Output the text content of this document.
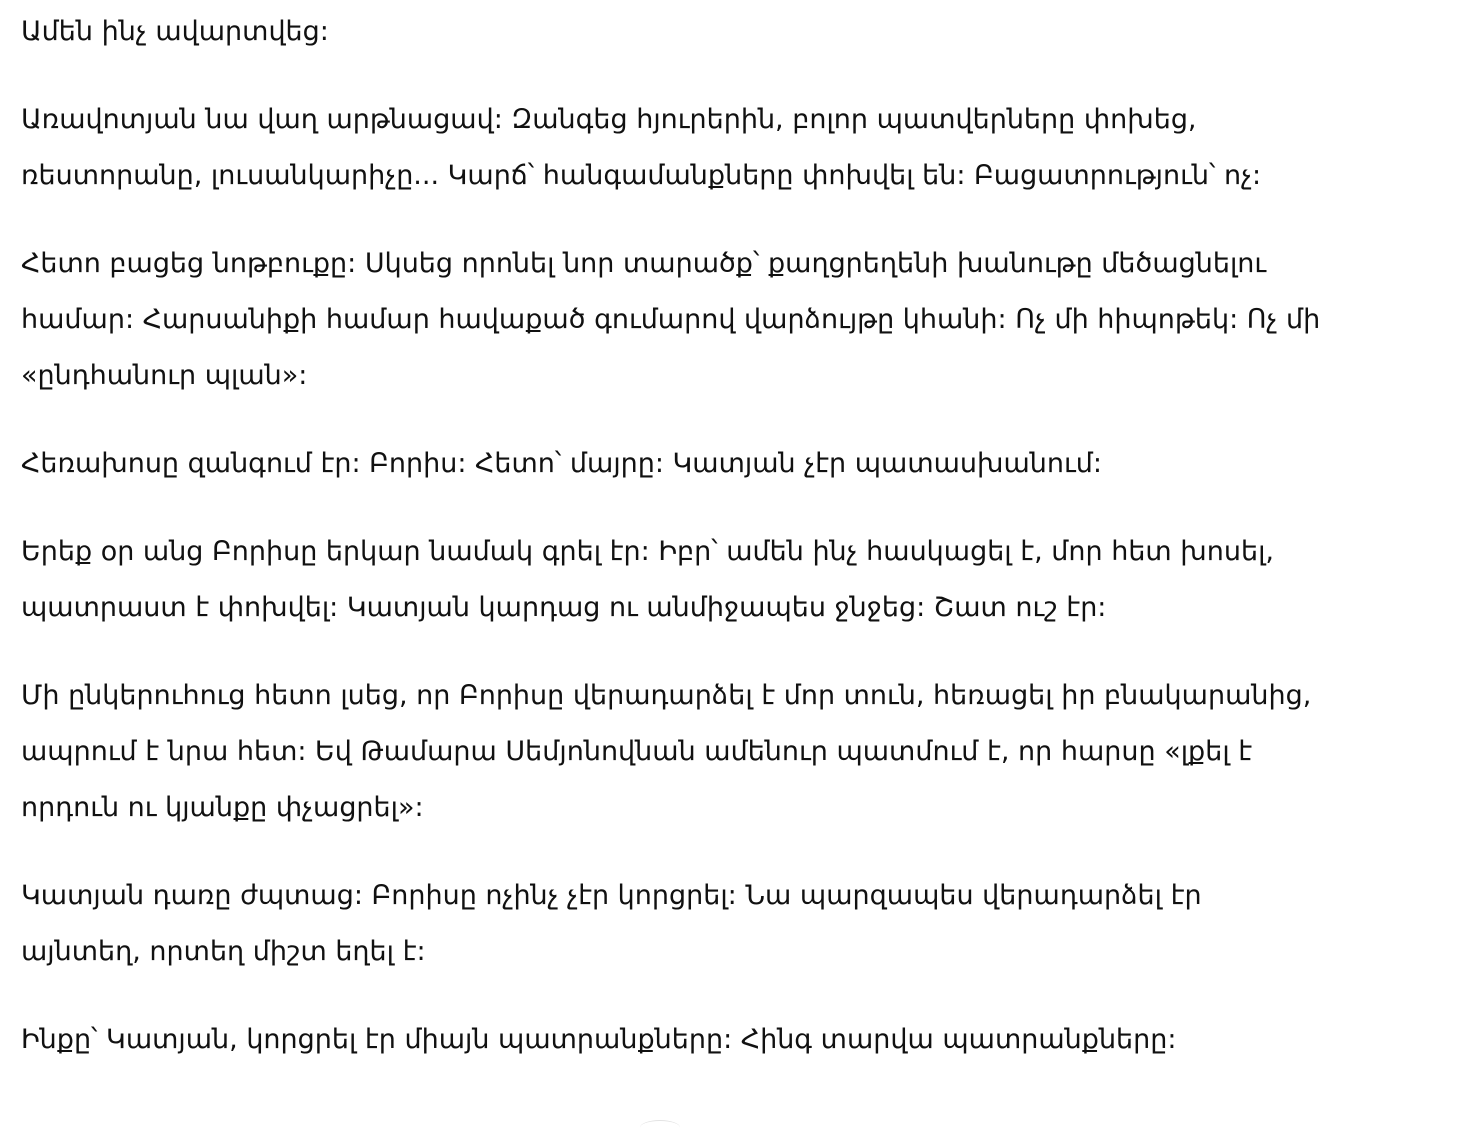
Ամեն ինչ ավարտվեց:

Առավոտյան նա վաղ արթնացավ: Զանգեց հյուրերին, բոլոր պատվերները փոխեց, ռեստորանը, լուսանկարիչը... Կարճ՝ հանգամանքները փոխվել են: Բացատրություն՝ ոչ:

Հետո բացեց նոթբուքը: Սկսեց որոնել նոր տարածք՝ քաղցրեղենի խանութը մեծացնելու համար: Հարսանիքի համար հավաքած գումարով վարձույթը կհանի: Ոչ մի հիպոթեկ: Ոչ մի «ընդհանուր պլան»:

Հեռախոսը զանգում էր: Բորիս: Հետո՝ մայրը: Կատյան չէր պատասխանում:

Երեք օր անց Բորիսը երկար նամակ գրել էր: Իբր՝ ամեն ինչ հասկացել է, մոր հետ խոսել, պատրաստ է փոխվել: Կատյան կարդաց ու անմիջապես ջնջեց: Շատ ուշ էր:

Մի ընկերուհուց հետո լսեց, որ Բորիսը վերադարձել է մոր տուն, հեռացել իր բնակարանից, ապրում է նրա հետ: Եվ Թամարա Սեմյոնովնան ամենուր պատմում է, որ հարսը «լքել է որդուն ու կյանքը փչացրել»:

Կատյան դառը ժպտաց: Բորիսը ոչինչ չէր կորցրել: Նա պարզապես վերադարձել էր այնտեղ, որտեղ միշտ եղել է:

Ինքը՝ Կատյան, կորցրել էր միայն պատրանքները: Հինգ տարվա պատրանքները:
